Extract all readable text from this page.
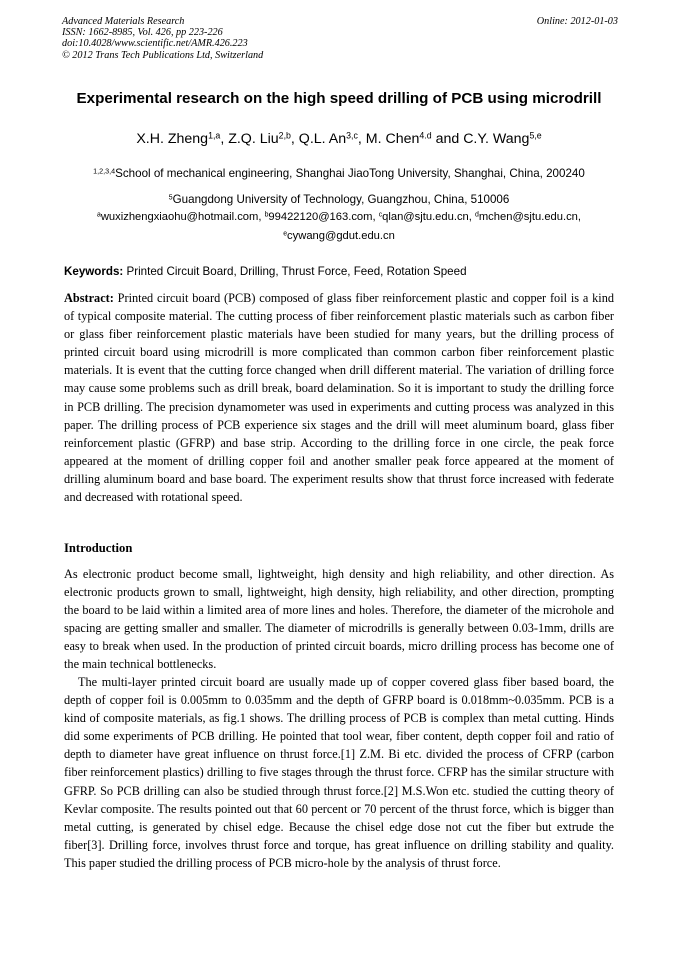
Advanced Materials Research
ISSN: 1662-8985, Vol. 426, pp 223-226
doi:10.4028/www.scientific.net/AMR.426.223
© 2012 Trans Tech Publications Ltd, Switzerland
Online: 2012-01-03
Experimental research on the high speed drilling of PCB using microdrill
X.H. Zheng$^{1,a}$, Z.Q. Liu$^{2,b}$, Q.L. An$^{3,c}$, M. Chen$^{4.d}$ and C.Y. Wang$^{5,e}$
$^{1,2,3,4}$School of mechanical engineering, Shanghai JiaoTong University, Shanghai, China, 200240
$^5$Guangdong University of Technology, Guangzhou, China, 510006
$^a$wuxizhengxiaohu@hotmail.com, $^b$99422120@163.com, $^c$qlan@sjtu.edu.cn, $^d$mchen@sjtu.edu.cn,
$^e$cywang@gdut.edu.cn
Keywords: Printed Circuit Board, Drilling, Thrust Force, Feed, Rotation Speed
Abstract: Printed circuit board (PCB) composed of glass fiber reinforcement plastic and copper foil is a kind of typical composite material. The cutting process of fiber reinforcement plastic materials such as carbon fiber or glass fiber reinforcement plastic materials have been studied for many years, but the drilling process of printed circuit board using microdrill is more complicated than common carbon fiber reinforcement plastic materials. It is event that the cutting force changed when drill different material. The variation of drilling force may cause some problems such as drill break, board delamination. So it is important to study the drilling force in PCB drilling. The precision dynamometer was used in experiments and cutting process was analyzed in this paper. The drilling process of PCB experience six stages and the drill will meet aluminum board, glass fiber reinforcement plastic (GFRP) and base strip. According to the drilling force in one circle, the peak force appeared at the moment of drilling copper foil and another smaller peak force appeared at the moment of drilling aluminum board and base board. The experiment results show that thrust force increased with federate and decreased with rotational speed.
Introduction
As electronic product become small, lightweight, high density and high reliability, and other direction. As electronic products grown to small, lightweight, high density, high reliability, and other direction, prompting the board to be laid within a limited area of more lines and holes. Therefore, the diameter of the microhole and spacing are getting smaller and smaller. The diameter of microdrills is generally between 0.03-1mm, drills are easy to break when used. In the production of printed circuit boards, micro drilling process has become one of the main technical bottlenecks.
The multi-layer printed circuit board are usually made up of copper covered glass fiber based board, the depth of copper foil is 0.005mm to 0.035mm and the depth of GFRP board is 0.018mm~0.035mm. PCB is a kind of composite materials, as fig.1 shows. The drilling process of PCB is complex than metal cutting. Hinds did some experiments of PCB drilling. He pointed that tool wear, fiber content, depth copper foil and ratio of depth to diameter have great influence on thrust force.[1] Z.M. Bi etc. divided the process of CFRP (carbon fiber reinforcement plastics) drilling to five stages through the thrust force. CFRP has the similar structure with GFRP. So PCB drilling can also be studied through thrust force.[2] M.S.Won etc. studied the cutting theory of Kevlar composite. The results pointed out that 60 percent or 70 percent of the thrust force, which is bigger than metal cutting, is generated by chisel edge. Because the chisel edge dose not cut the fiber but extrude the fiber[3]. Drilling force, involves thrust force and torque, has great influence on drilling stability and quality. This paper studied the drilling process of PCB micro-hole by the analysis of thrust force.
